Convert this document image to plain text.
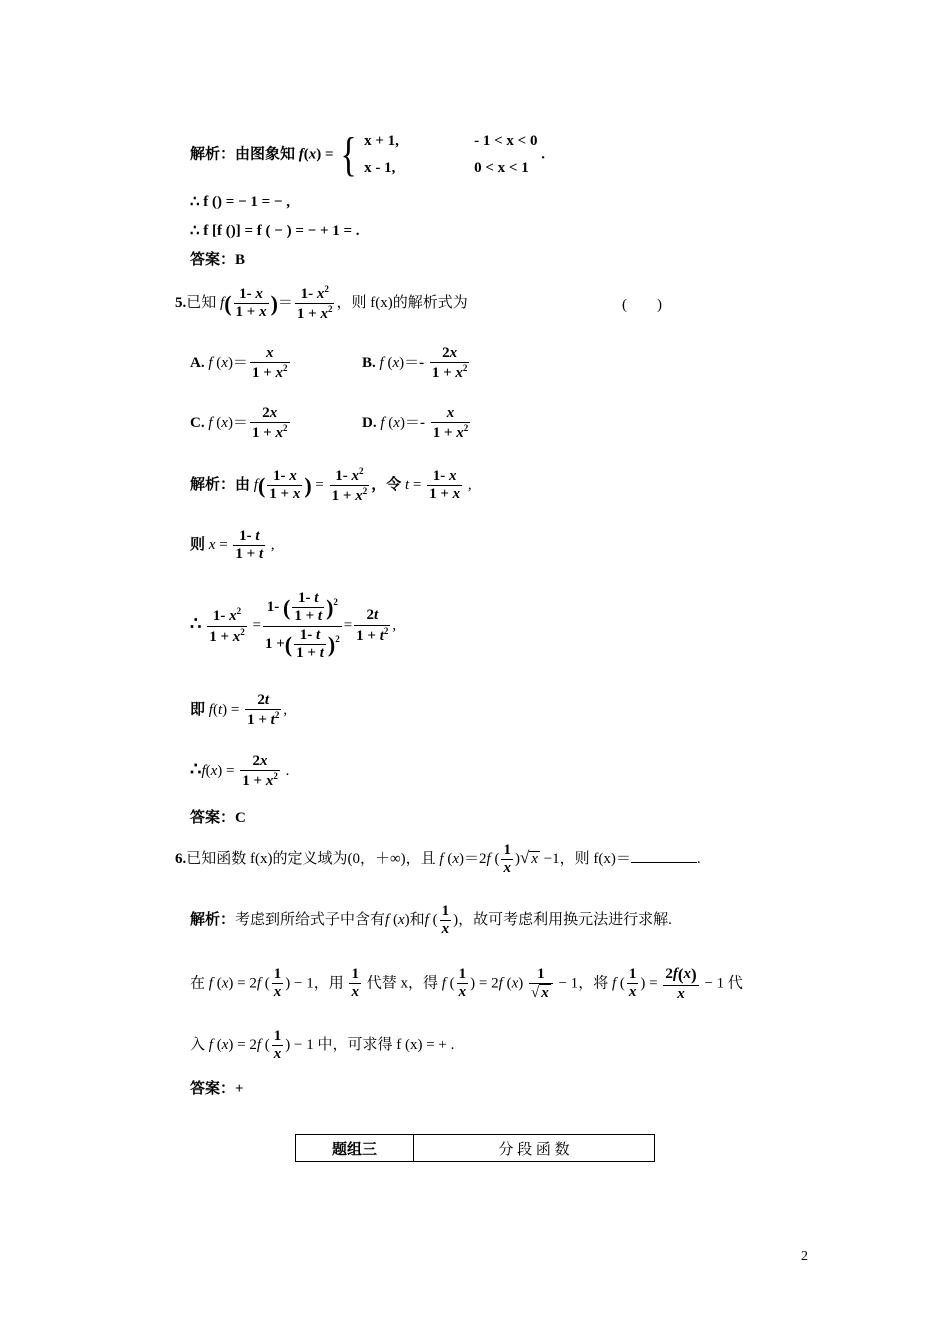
解析：由图象知 f(x) = { x + 1,	- 1 < x < 0
x - 1,	0 < x < 1 .
∴ f () = − 1 = − ,
∴ f [f ()] = f ( − ) = − + 1 = .
答案：B
5.已知 $f( \frac{1- x}{1 + x}$ )＝ $\frac{1- x^2}{1 + x^2}$ ，则 f(x)的解析式为	(　　)
A. f $(x)= \frac{x}{1 + x^2}$	B. f $(x)=- \frac{2x}{1 + x^2}$
C. f $(x)= \frac{2x}{1 + x^2}$	D. f $(x)=- \frac{x}{1 + x^2}$
解析：由 $f( \frac{1- x}{1 + x}$ ) = $\frac{1- x^2}{1 + x^2}$ ，令 $t = \frac{1- x}{1 + x}$ ,
则 $x = \frac{1- t}{1 + t}$ ,
∴ $\frac{1- x^2}{1 + x^2} = \frac{1- ( \frac{1- t}{1 + t} )^2}{1 +( \frac{1- t}{1 + t} )^2} = \frac{2t}{1 + t^2}$ ,
即 $f(t) = \frac{2t}{1 + t^2}$ ,
∴f(x) = $\frac{2x}{1 + x^2}$ .
答案：C
6.已知函数 f(x)的定义域为(0，＋∞)，且 f (x)＝2f ( $\frac{1}{x}$ )√ x −1，则 f(x)＝	.
解析：考虑到所给式子中含有f (x)和f ( $\frac{1}{x}$ )，故可考虑利用换元法进行求解.
在 f (x) = 2f ( $\frac{1}{x}$ ) − 1，用 $\frac{1}{x}$ 代替 x，得 f ( $\frac{1}{x}$ ) = 2f $(x) \frac{1}{√ x} - 1$，将 f ( $\frac{1}{x}$ ) = $\frac{2f(x)}{x} - 1$ 代
入 f (x) = 2f ( $\frac{1}{x}$ ) − 1 中，可求得 f (x) = + .
答案：+
题组三	分 段 函 数
2
